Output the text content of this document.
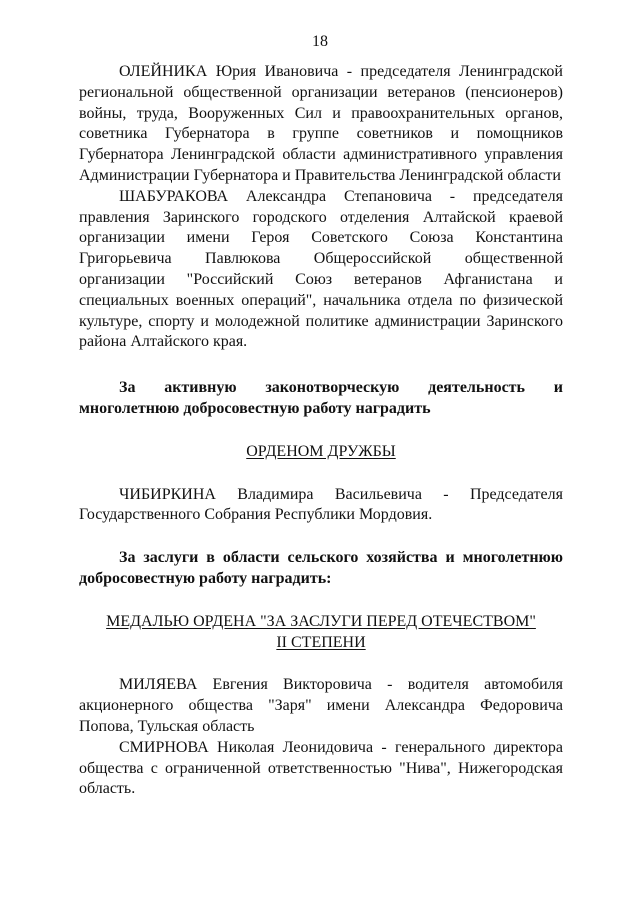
18

ОЛЕЙНИКА Юрия Ивановича - председателя Ленинградской региональной общественной организации ветеранов (пенсионеров) войны, труда, Вооруженных Сил и правоохранительных органов, советника Губернатора в группе советников и помощников Губернатора Ленинградской области административного управления Администрации Губернатора и Правительства Ленинградской области

ШАБУРАКОВА Александра Степановича - председателя правления Заринского городского отделения Алтайской краевой организации имени Героя Советского Союза Константина Григорьевича Павлюкова Общероссийской общественной организации "Российский Союз ветеранов Афганистана и специальных военных операций", начальника отдела по физической культуре, спорту и молодежной политике администрации Заринского района Алтайского края.

За активную законотворческую деятельность и многолетнюю добросовестную работу наградить

ОРДЕНОМ ДРУЖБЫ

ЧИБИРКИНА Владимира Васильевича - Председателя Государственного Собрания Республики Мордовия.

За заслуги в области сельского хозяйства и многолетнюю добросовестную работу наградить:

МЕДАЛЬЮ ОРДЕНА "ЗА ЗАСЛУГИ ПЕРЕД ОТЕЧЕСТВОМ"
II СТЕПЕНИ

МИЛЯЕВА Евгения Викторовича - водителя автомобиля акционерного общества "Заря" имени Александра Федоровича Попова, Тульская область

СМИРНОВА Николая Леонидовича - генерального директора общества с ограниченной ответственностью "Нива", Нижегородская область.
